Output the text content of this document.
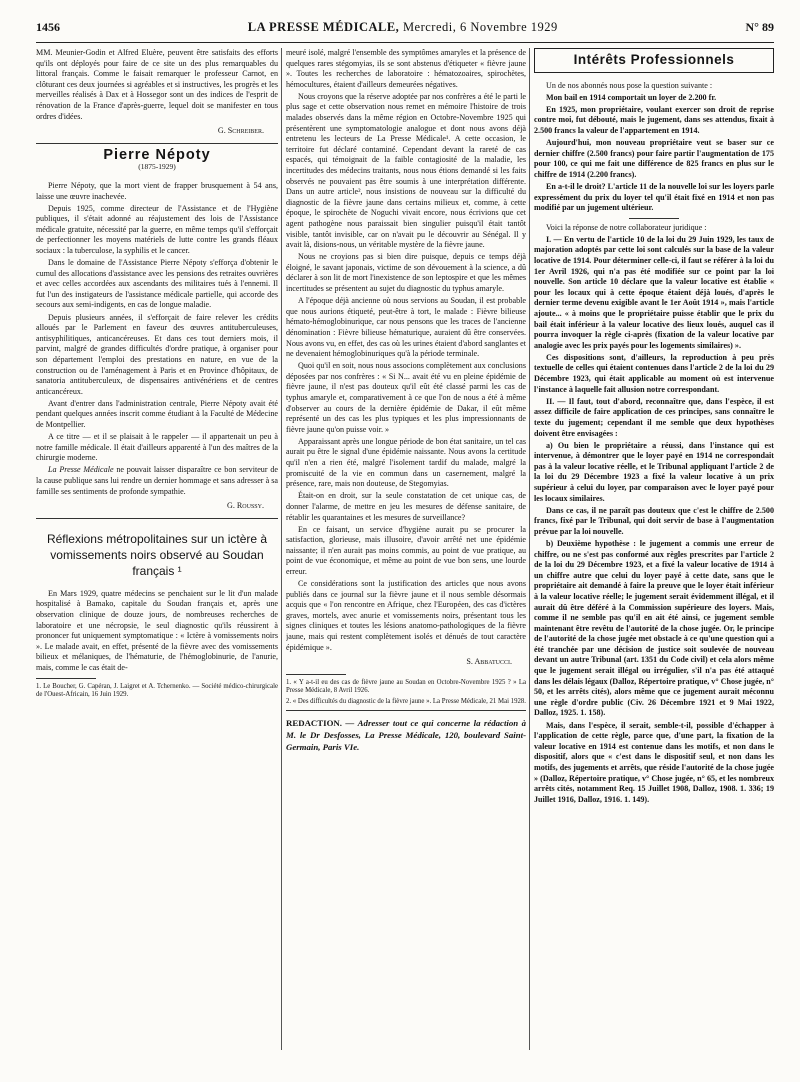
1456	LA PRESSE MÉDICALE, Mercredi, 6 Novembre 1929	N° 89

MM. Meunier-Godin et Alfred Eluère, peuvent être satisfaits des efforts qu'ils ont déployés pour faire de ce site un des plus remarquables du littoral français. Comme le faisait remarquer le professeur Carnot, en clôturant ces deux journées si agréables et si instructives, les progrès et les merveilles réalisés à Dax et à Hossegor sont un des indices de l'esprit de rénovation de la France d'après-guerre, lequel doit se manifester en tous ordres d'idées.

G. Schreiber.

Pierre Népoty

(1875-1929)

Pierre Népoty, que la mort vient de frapper brusquement à 54 ans, laisse une œuvre inachevée.

Depuis 1925, comme directeur de l'Assistance et de l'Hygiène publiques, il s'était adonné au réajustement des lois de l'Assistance médicale gratuite, nécessité par la guerre, en même temps qu'il s'efforçait de perfectionner les moyens matériels de lutte contre les grands fléaux sociaux : la tuberculose, la syphilis et le cancer.

Dans le domaine de l'Assistance Pierre Népoty s'efforça d'obtenir le cumul des allocations d'assistance avec les pensions des retraites ouvrières et avec celles accordées aux ascendants des militaires tués à l'ennemi. Il fut l'un des instigateurs de l'assistance médicale partielle, qui accorde des secours aux semi-indigents, en cas de longue maladie.

Depuis plusieurs années, il s'efforçait de faire relever les crédits alloués par le Parlement en faveur des œuvres antituberculeuses, antisyphilitiques, anticancéreuses. Et dans ces tout derniers mois, il parvint, malgré de grandes difficultés d'ordre pratique, à organiser pour son département l'emploi des prestations en nature, en vue de la construction ou de l'aménagement à Paris et en Province d'hôpitaux, de sanatoria antituberculeux, de dispensaires antivénériens et de centres anticancéreux.

Avant d'entrer dans l'administration centrale, Pierre Népoty avait été pendant quelques années inscrit comme étudiant à la Faculté de Médecine de Montpellier.

A ce titre — et il se plaisait à le rappeler — il appartenait un peu à notre famille médicale. Il était d'ailleurs apparenté à l'un des maîtres de la chirurgie moderne.

La Presse Médicale ne pouvait laisser disparaître ce bon serviteur de la cause publique sans lui rendre un dernier hommage et sans adresser à sa famille ses sentiments de profonde sympathie.

G. Roussy.

Réflexions métropolitaines sur un ictère à vomissements noirs observé au Soudan français ¹

En Mars 1929, quatre médecins se penchaient sur le lit d'un malade hospitalisé à Bamako, capitale du Soudan français et, après une observation clinique de douze jours, de nombreuses recherches de laboratoire et une nécropsie, le seul diagnostic qu'ils réussirent à prononcer fut uniquement symptomatique : « Ictère à vomissements noirs ». Le malade avait, en effet, présenté de la fièvre avec des vomissements bilieux et mélaniques, de l'hématurie, de l'hémoglobinurie, de l'anurie, mais, comme le cas était de-

1. Le Boucher, G. Capéran, J. Laigret et A. Tchernenko. — Société médico-chirurgicale de l'Ouest-Africain, 16 Juin 1929.

meuré isolé, malgré l'ensemble des symptômes amaryles et la présence de quelques rares stégomyias, ils se sont abstenus d'étiqueter « fièvre jaune ». Toutes les recherches de laboratoire : hématozoaires, spirochètes, hémocultures, étaient d'ailleurs demeurées négatives.

Nous croyons que la réserve adoptée par nos confrères a été le parti le plus sage et cette observation nous remet en mémoire l'histoire de trois malades observés dans la même région en Octobre-Novembre 1925 qui présentèrent une symptomatologie analogue et dont nous avons déjà entretenu les lecteurs de La Presse Médicale¹. A cette occasion, le territoire fut déclaré contaminé. Cependant devant la rareté de cas espacés, qui témoignait de la faible contagiosité de la maladie, les incertitudes des médecins traitants, nous nous étions demandé si les faits observés ne pouvaient pas être soumis à une interprétation différente. Dans un autre article², nous insistions de nouveau sur la difficulté du diagnostic de la fièvre jaune dans certains milieux et, comme, à cette époque, le spirochète de Noguchi vivait encore, nous écrivions que cet agent pathogène nous paraissait bien singulier puisqu'il était tantôt visible, tantôt invisible, car on n'avait pu le découvrir au Sénégal. Il y avait là, disions-nous, un véritable mystère de la fièvre jaune.

Nous ne croyions pas si bien dire puisque, depuis ce temps déjà éloigné, le savant japonais, victime de son dévouement à la science, a dû déclarer à son lit de mort l'inexistence de son leptospire et que les mêmes incertitudes se présentent au sujet du diagnostic du typhus amaryle.

A l'époque déjà ancienne où nous servions au Soudan, il est probable que nous aurions étiqueté, peut-être à tort, le malade : Fièvre bilieuse hémato-hémoglobinurique, car nous pensons que les traces de l'ancienne dénomination : Fièvre bilieuse hématurique, auraient dû être conservées. Nous avons vu, en effet, des cas où les urines étaient d'abord sanglantes et ne devenaient hémoglobinuriques qu'à la période terminale.

Quoi qu'il en soit, nous nous associons complètement aux conclusions déposées par nos confrères : « Si N... avait été vu en pleine épidémie de fièvre jaune, il n'est pas douteux qu'il eût été classé parmi les cas de typhus amaryle et, comparativement à ce que l'on de nous a été à même d'observer au cours de la dernière épidémie de Dakar, il eût même représenté un des cas les plus typiques et les plus impressionnants de fièvre jaune qu'on puisse voir. »

Apparaissant après une longue période de bon état sanitaire, un tel cas aurait pu être le signal d'une épidémie naissante. Nous avons la certitude qu'il n'en a rien été, malgré l'isolement tardif du malade, malgré la promiscuité de la vie en commun dans un casernement, malgré la présence, rare, mais non douteuse, de Stegomyias.

Était-on en droit, sur la seule constatation de cet unique cas, de donner l'alarme, de mettre en jeu les mesures de défense sanitaire, de rétablir les quarantaines et les mesures de surveillance?

En ce faisant, un service d'hygiène aurait pu se procurer la satisfaction, glorieuse, mais illusoire, d'avoir arrêté net une épidémie naissante; il n'en aurait pas moins commis, au point de vue pratique, au point de vue économique, et même au point de vue bon sens, une lourde erreur.

Ce considérations sont la justification des articles que nous avons publiés dans ce journal sur la fièvre jaune et il nous semble désormais acquis que « l'on rencontre en Afrique, chez l'Européen, des cas d'ictères graves, mortels, avec anurie et vomissements noirs, présentant tous les signes cliniques et toutes les lésions anatomo-pathologiques de la fièvre jaune, mais qui restent complètement isolés et dénués de tout caractère épidémique ».

S. Abbatucci.

1. « Y a-t-il eu des cas de fièvre jaune au Soudan en Octobre-Novembre 1925 ? » La Presse Médicale, 8 Avril 1926.

2. « Des difficultés du diagnostic de la fièvre jaune ». La Presse Médicale, 21 Mai 1928.

REDACTION. — Adresser tout ce qui concerne la rédaction à M. le Dr Desfosses, La Presse Médicale, 120, boulevard Saint-Germain, Paris VIe.

Intérêts Professionnels

Un de nos abonnés nous pose la question suivante :

Mon bail en 1914 comportait un loyer de 2.200 fr.

En 1925, mon propriétaire, voulant exercer son droit de reprise contre moi, fut débouté, mais le jugement, dans ses attendus, fixait à 2.500 francs la valeur de l'appartement en 1914.

Aujourd'hui, mon nouveau propriétaire veut se baser sur ce dernier chiffre (2.500 francs) pour faire partir l'augmentation de 175 pour 100, ce qui me fait une différence de 825 francs en plus sur le chiffre de 1914 (2.200 francs).

En a-t-il le droit? L'article 11 de la nouvelle loi sur les loyers parle expressément du prix du loyer tel qu'il était fixé en 1914 et non pas modifié par un jugement ultérieur.

Voici la réponse de notre collaborateur juridique :

I. — En vertu de l'article 10 de la loi du 29 Juin 1929, les taux de majoration adoptés par cette loi sont calculés sur la base de la valeur locative de 1914. Pour déterminer celle-ci, il faut se référer à la loi du 1er Avril 1926, qui n'a pas été modifiée sur ce point par la loi nouvelle. Son article 10 déclare que la valeur locative est établie « pour les locaux qui à cette époque étaient déjà loués, d'après le dernier terme devenu exigible avant le 1er Août 1914 », mais l'article ajoute... « à moins que le propriétaire puisse établir que le prix du bail était inférieur à la valeur locative des lieux loués, auquel cas il pourra invoquer la règle ci-après (fixation de la valeur locative par analogie avec les prix payés pour les logements similaires) ».

Ces dispositions sont, d'ailleurs, la reproduction à peu près textuelle de celles qui étaient contenues dans l'article 2 de la loi du 29 Décembre 1923, qui était applicable au moment où est intervenue l'instance à laquelle fait allusion notre correspondant.

II. — Il faut, tout d'abord, reconnaître que, dans l'espèce, il est assez difficile de faire application de ces principes, sans connaître le texte du jugement; cependant il me semble que deux hypothèses doivent être envisagées :

a) Ou bien le propriétaire a réussi, dans l'instance qui est intervenue, à démontrer que le loyer payé en 1914 ne correspondait pas à la valeur locative réelle, et le Tribunal appliquant l'article 2 de la loi du 29 Décembre 1923 a fixé la valeur locative à un prix supérieur à celui du loyer, par comparaison avec le loyer payé pour les locaux similaires.

Dans ce cas, il ne paraît pas douteux que c'est le chiffre de 2.500 francs, fixé par le Tribunal, qui doit servir de base à l'augmentation prévue par la loi nouvelle.

b) Deuxième hypothèse : le jugement a commis une erreur de chiffre, ou ne s'est pas conformé aux règles prescrites par l'article 2 de la loi du 29 Décembre 1923, et a fixé la valeur locative de 1914 à un chiffre autre que celui du loyer payé à cette date, sans que le propriétaire ait demandé à faire la preuve que le loyer était inférieur à la valeur locative réelle; le jugement serait évidemment illégal, et il aurait dû être déféré à la Commission supérieure des loyers. Mais, comme il ne semble pas qu'il en ait été ainsi, ce jugement semble maintenant être revêtu de l'autorité de la chose jugée. Or, le principe de l'autorité de la chose jugée met obstacle à ce qu'une question qui a été tranchée par une décision de justice soit soulevée de nouveau devant un autre Tribunal (art. 1351 du Code civil) et cela alors même que le jugement serait illégal ou irrégulier, s'il n'a pas été attaqué dans les délais légaux (Dalloz, Répertoire pratique, v° Chose jugée, n° 50, et les arrêts cités), alors même que ce jugement aurait méconnu une règle d'ordre public (Civ. 26 Décembre 1921 et 9 Mai 1922, Dalloz, 1925. 1. 158).

Mais, dans l'espèce, il serait, semble-t-il, possible d'échapper à l'application de cette règle, parce que, d'une part, la fixation de la valeur locative en 1914 est contenue dans les motifs, et non dans le dispositif, alors que « c'est dans le dispositif seul, et non dans les motifs, des jugements et arrêts, que réside l'autorité de la chose jugée » (Dalloz, Répertoire pratique, v° Chose jugée, n° 65, et les nombreux arrêts cités, notamment Req. 15 Juillet 1908, Dalloz, 1908. 1. 336; 19 Juillet 1916, Dalloz, 1916. 1. 149).
